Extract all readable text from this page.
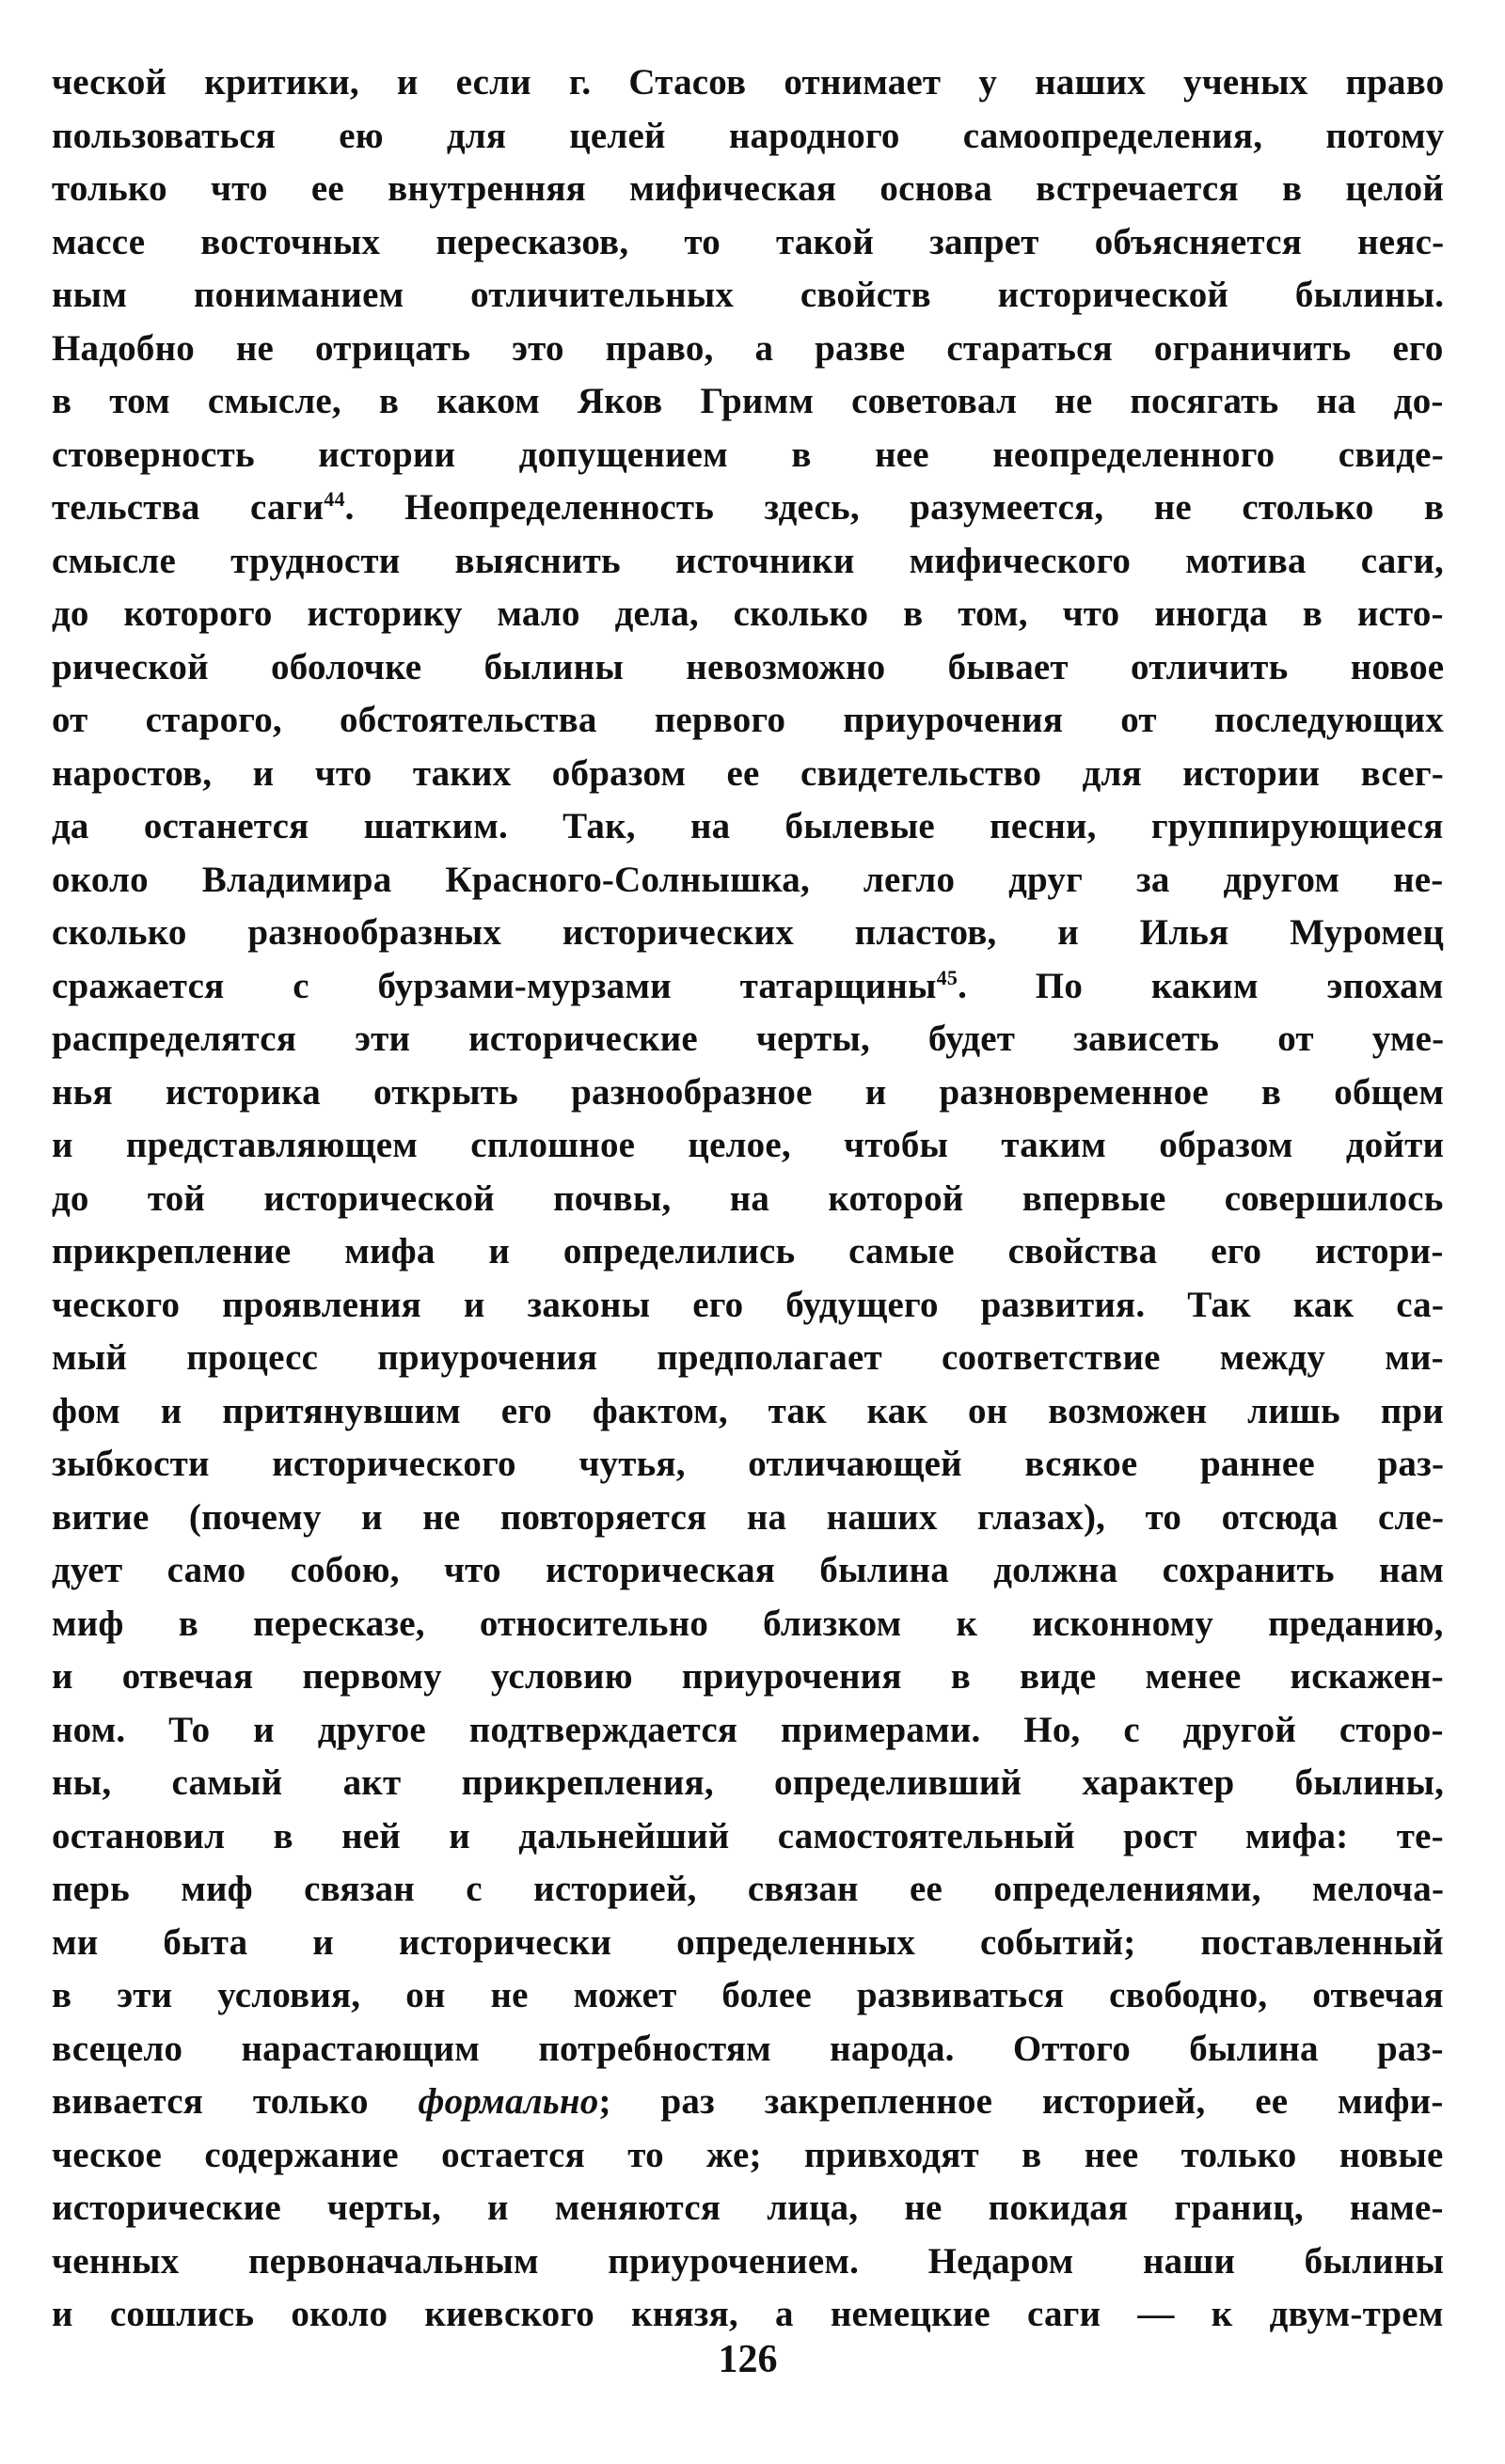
ческой критики, и если г. Стасов отнимает у наших ученых право
пользоваться ею для целей народного самоопределения, потому
только что ее внутренняя мифическая основа встречается в целой
массе восточных пересказов, то такой запрет объясняется неяс-
ным пониманием отличительных свойств исторической былины.
Надобно не отрицать это право, а разве стараться ограничить его
в том смысле, в каком Яков Гримм советовал не посягать на до-
стоверность истории допущением в нее неопределенного свиде-
тельства саги$^{44}$. Неопределенность здесь, разумеется, не столько в
смысле трудности выяснить источники мифического мотива саги,
до которого историку мало дела, сколько в том, что иногда в исто-
рической оболочке былины невозможно бывает отличить новое
от старого, обстоятельства первого приурочения от последующих
наростов, и что таких образом ее свидетельство для истории всег-
да останется шатким. Так, на былевые песни, группирующиеся
около Владимира Красного-Солнышка, легло друг за другом не-
сколько разнообразных исторических пластов, и Илья Муромец
сражается с бурзами-мурзами татарщины$^{45}$. По каким эпохам
распределятся эти исторические черты, будет зависеть от уме-
нья историка открыть разнообразное и разновременное в общем
и представляющем сплошное целое, чтобы таким образом дойти
до той исторической почвы, на которой впервые совершилось
прикрепление мифа и определились самые свойства его истори-
ческого проявления и законы его будущего развития. Так как са-
мый процесс приурочения предполагает соответствие между ми-
фом и притянувшим его фактом, так как он возможен лишь при
зыбкости исторического чутья, отличающей всякое раннее раз-
витие (почему и не повторяется на наших глазах), то отсюда сле-
дует само собою, что историческая былина должна сохранить нам
миф в пересказе, относительно близком к исконному преданию,
и отвечая первому условию приурочения в виде менее искажен-
ном. То и другое подтверждается примерами. Но, с другой сторо-
ны, самый акт прикрепления, определивший характер былины,
остановил в ней и дальнейший самостоятельный рост мифа: те-
перь миф связан с историей, связан ее определениями, мелоча-
ми быта и исторически определенных событий; поставленный
в эти условия, он не может более развиваться свободно, отвечая
всецело нарастающим потребностям народа. Оттого былина раз-
вивается только формально; раз закрепленное историей, ее мифи-
ческое содержание остается то же; привходят в нее только новые
исторические черты, и меняются лица, не покидая границ, наме-
ченных первоначальным приурочением. Недаром наши былины
и сошлись около киевского князя, а немецкие саги — к двум-трем
126
